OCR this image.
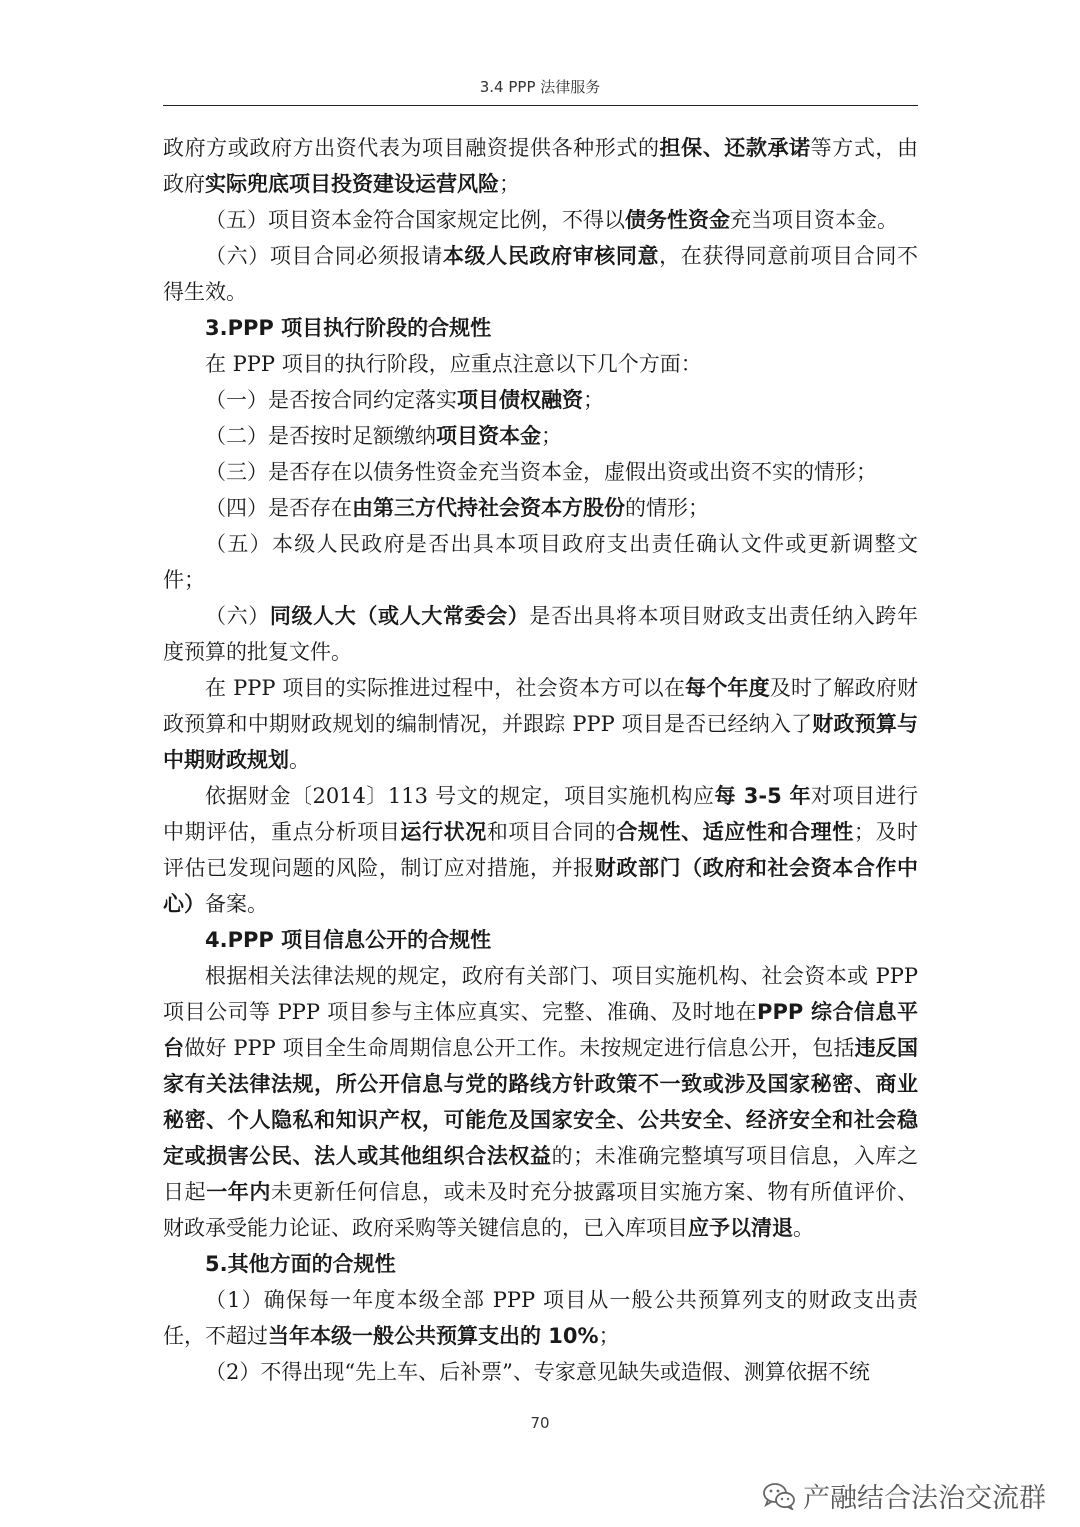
3.4 PPP 法律服务

政府方或政府方出资代表为项目融资提供各种形式的担保、还款承诺等方式，由政府实际兜底项目投资建设运营风险；

（五）项目资本金符合国家规定比例，不得以债务性资金充当项目资本金。

（六）项目合同必须报请本级人民政府审核同意，在获得同意前项目合同不得生效。

3.PPP 项目执行阶段的合规性

在 PPP 项目的执行阶段，应重点注意以下几个方面：

（一）是否按合同约定落实项目债权融资；

（二）是否按时足额缴纳项目资本金；

（三）是否存在以债务性资金充当资本金，虚假出资或出资不实的情形；

（四）是否存在由第三方代持社会资本方股份的情形；

（五）本级人民政府是否出具本项目政府支出责任确认文件或更新调整文件；

（六）同级人大（或人大常委会）是否出具将本项目财政支出责任纳入跨年度预算的批复文件。

在 PPP 项目的实际推进过程中，社会资本方可以在每个年度及时了解政府财政预算和中期财政规划的编制情况，并跟踪 PPP 项目是否已经纳入了财政预算与中期财政规划。

依据财金〔2014〕113 号文的规定，项目实施机构应每 3-5 年对项目进行中期评估，重点分析项目运行状况和项目合同的合规性、适应性和合理性；及时评估已发现问题的风险，制订应对措施，并报财政部门（政府和社会资本合作中心）备案。

4.PPP 项目信息公开的合规性

根据相关法律法规的规定，政府有关部门、项目实施机构、社会资本或 PPP 项目公司等 PPP 项目参与主体应真实、完整、准确、及时地在PPP 综合信息平台做好 PPP 项目全生命周期信息公开工作。未按规定进行信息公开，包括违反国家有关法律法规，所公开信息与党的路线方针政策不一致或涉及国家秘密、商业秘密、个人隐私和知识产权，可能危及国家安全、公共安全、经济安全和社会稳定或损害公民、法人或其他组织合法权益的；未准确完整填写项目信息，入库之日起一年内未更新任何信息，或未及时充分披露项目实施方案、物有所值评价、财政承受能力论证、政府采购等关键信息的，已入库项目应予以清退。

5.其他方面的合规性

（1）确保每一年度本级全部 PPP 项目从一般公共预算列支的财政支出责任，不超过当年本级一般公共预算支出的 10%；

（2）不得出现“先上车、后补票”、专家意见缺失或造假、测算依据不统

70
产融结合法治交流群
